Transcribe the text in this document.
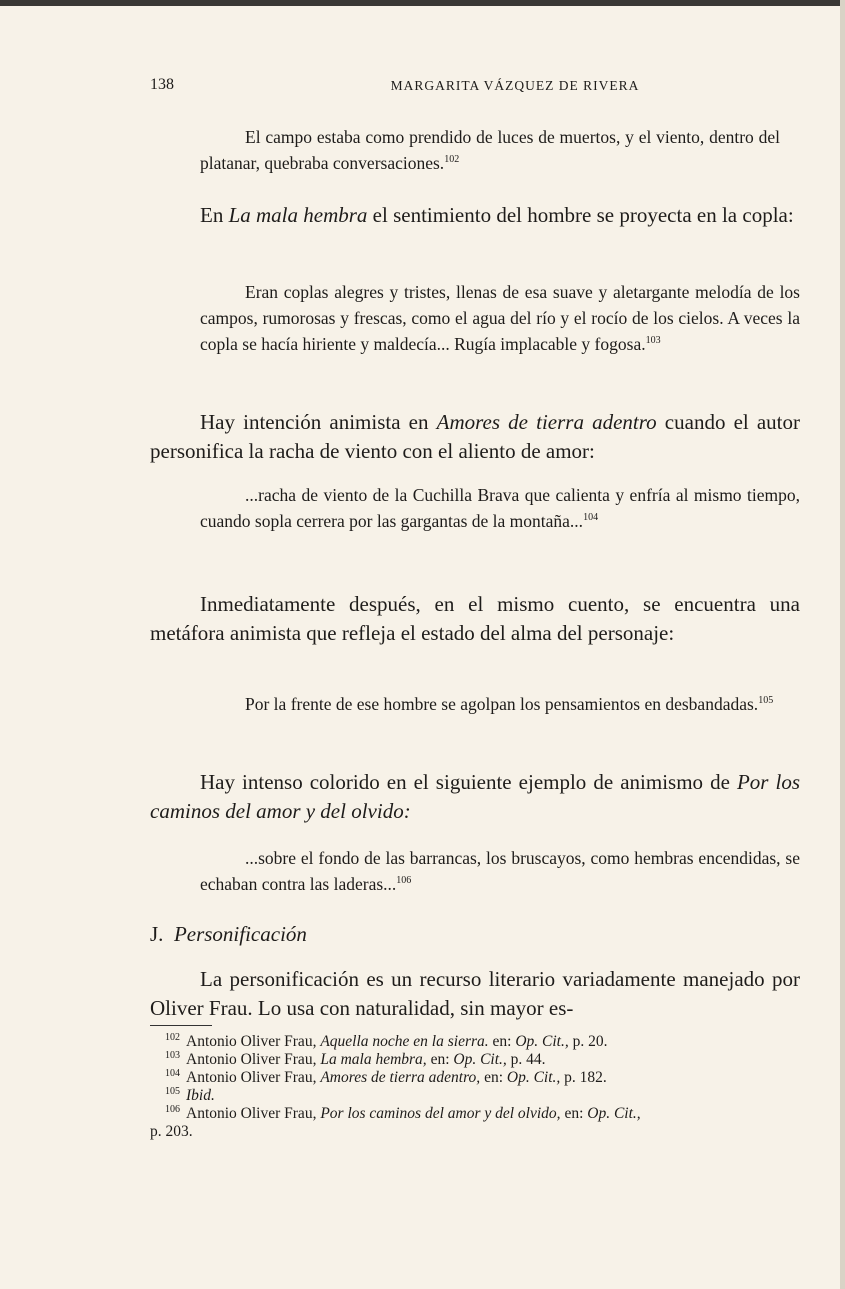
138	MARGARITA VÁZQUEZ DE RIVERA

El campo estaba como prendido de luces de muertos, y el viento, dentro del platanar, quebraba conversaciones.$^{102}$

En La mala hembra el sentimiento del hombre se proyecta en la copla:

Eran coplas alegres y tristes, llenas de esa suave y aletargante melodía de los campos, rumorosas y frescas, como el agua del río y el rocío de los cielos. A veces la copla se hacía hiriente y maldecía... Rugía implacable y fogosa.$^{103}$

Hay intención animista en Amores de tierra adentro cuando el autor personifica la racha de viento con el aliento de amor:

...racha de viento de la Cuchilla Brava que calienta y enfría al mismo tiempo, cuando sopla cerrera por las gargantas de la montaña...$^{104}$

Inmediatamente después, en el mismo cuento, se encuentra una metáfora animista que refleja el estado del alma del personaje:

Por la frente de ese hombre se agolpan los pensamientos en desbandadas.$^{105}$

Hay intenso colorido en el siguiente ejemplo de animismo de Por los caminos del amor y del olvido:

...sobre el fondo de las barrancas, los bruscayos, como hembras encendidas, se echaban contra las laderas...$^{106}$

J. Personificación

La personificación es un recurso literario variadamente manejado por Oliver Frau. Lo usa con naturalidad, sin mayor es-

102 Antonio Oliver Frau, Aquella noche en la sierra. en: Op. Cit., p. 20.
103 Antonio Oliver Frau, La mala hembra, en: Op. Cit., p. 44.
104 Antonio Oliver Frau, Amores de tierra adentro, en: Op. Cit., p. 182.
105 Ibid.
106 Antonio Oliver Frau, Por los caminos del amor y del olvido, en: Op. Cit.,
p. 203.
